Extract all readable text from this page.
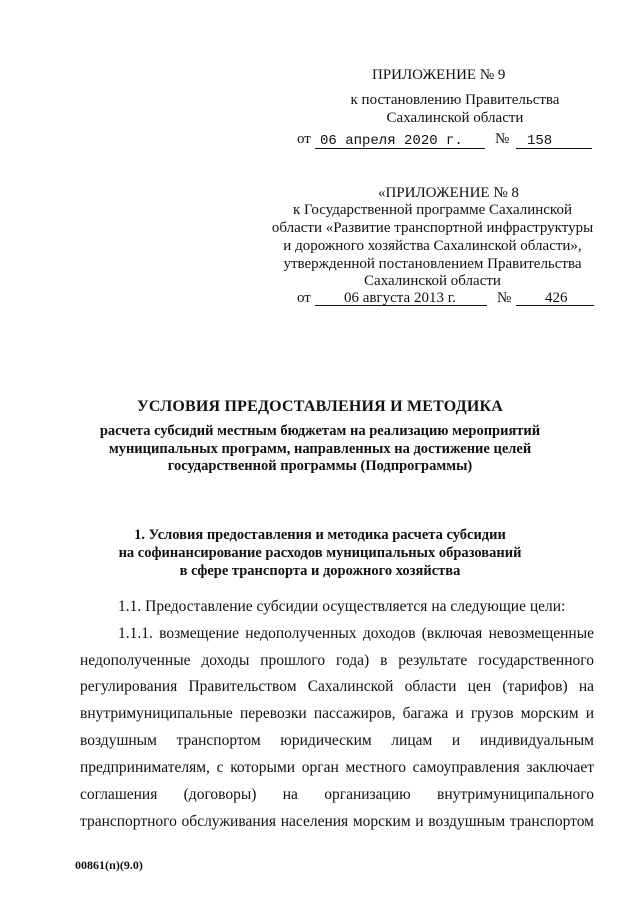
ПРИЛОЖЕНИЕ № 9
к постановлению Правительства
Сахалинской области
от 06 апреля 2020 г. № 158
«ПРИЛОЖЕНИЕ № 8
к Государственной программе Сахалинской
области «Развитие транспортной инфраструктуры
и дорожного хозяйства Сахалинской области»,
утвержденной постановлением Правительства
Сахалинской области
от 06 августа 2013 г.	№ 426
УСЛОВИЯ ПРЕДОСТАВЛЕНИЯ И МЕТОДИКА
расчета субсидий местным бюджетам на реализацию мероприятий
муниципальных программ, направленных на достижение целей
государственной программы (Подпрограммы)
1. Условия предоставления и методика расчета субсидии
на софинансирование расходов муниципальных образований
в сфере транспорта и дорожного хозяйства
1.1. Предоставление субсидии осуществляется на следующие цели:
1.1.1. возмещение недополученных доходов (включая невозмещенные
недополученные доходы прошлого года) в результате государственного
регулирования Правительством Сахалинской области цен (тарифов) на
внутримуниципальные перевозки пассажиров, багажа и грузов морским и
воздушным транспортом юридическим лицам и индивидуальным
предпринимателям, с которыми орган местного самоуправления заключает
соглашения (договоры) на организацию внутримуниципального
транспортного обслуживания населения морским и воздушным транспортом
00861(п)(9.0)
